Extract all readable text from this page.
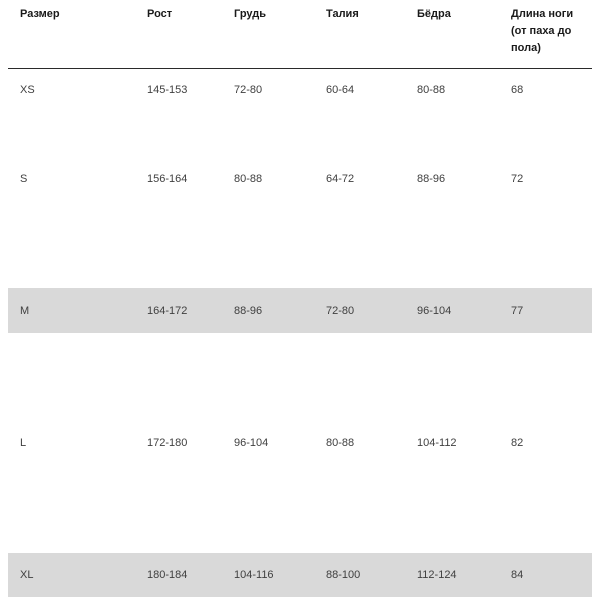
Размер	Рост	Грудь	Талия	Бёдра	Длина ноги (от паха до пола)
XS	145-153	72-80	60-64	80-88	68
S	156-164	80-88	64-72	88-96	72
M	164-172	88-96	72-80	96-104	77
L	172-180	96-104	80-88	104-112	82
XL	180-184	104-116	88-100	112-124	84
